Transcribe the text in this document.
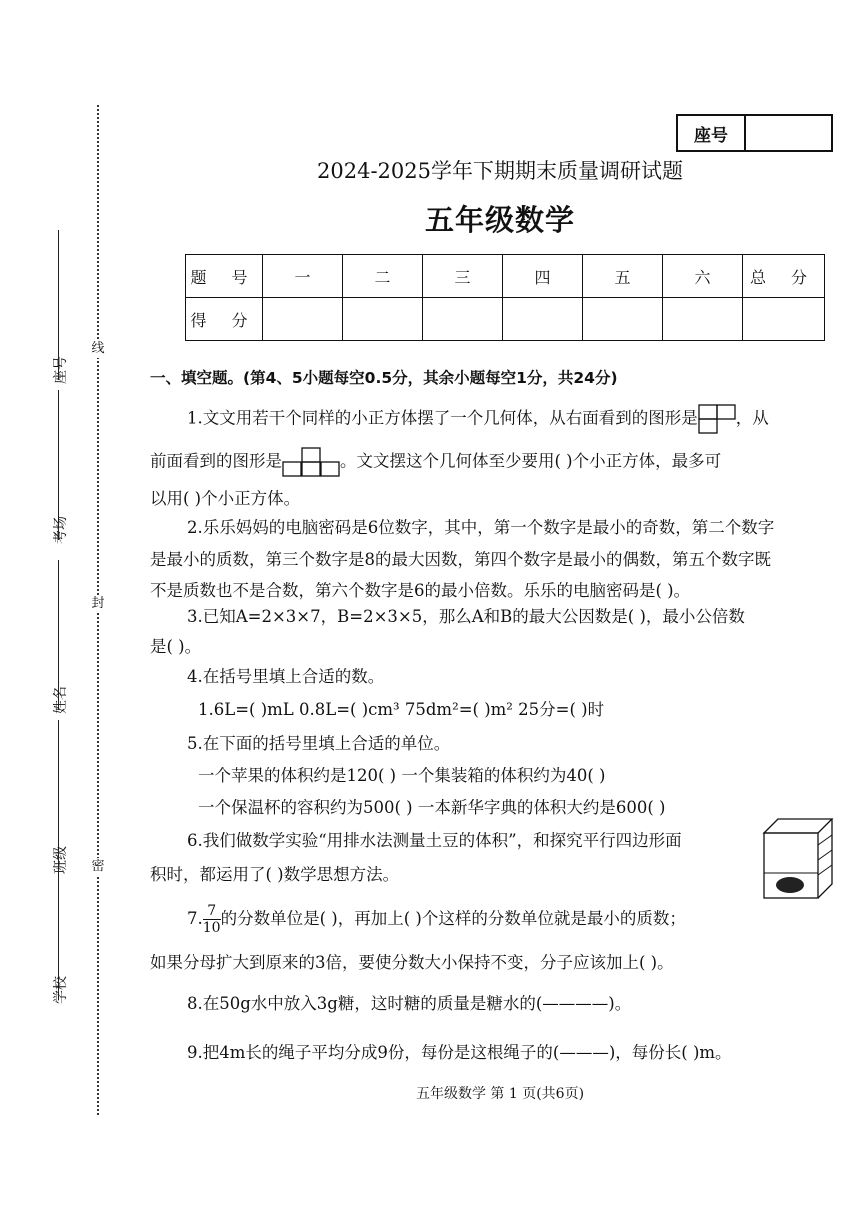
线
封
密
座号
考场
姓名
班级
学校
座号
2024-2025学年下期期末质量调研试题
五年级数学
题 号	一	二	三	四	五	六	总 分
得 分							
一、填空题。(第4、5小题每空0.5分，其余小题每空1分，共24分)
1.文文用若干个同样的小正方体摆了一个几何体，从右面看到的图形是 ，从
前面看到的图形是	。文文摆这个几何体至少要用( )个小正方体，最多可
以用( )个小正方体。
2.乐乐妈妈的电脑密码是6位数字，其中，第一个数字是最小的奇数，第二个数字
是最小的质数，第三个数字是8的最大因数，第四个数字是最小的偶数，第五个数字既
不是质数也不是合数，第六个数字是6的最小倍数。乐乐的电脑密码是( )。
3.已知A=2×3×7，B=2×3×5，那么A和B的最大公因数是( )，最小公倍数
是( )。
4.在括号里填上合适的数。
1.6L=( )mL 0.8L=( )cm³ 75dm²=( )m² 25分=( )时
5.在下面的括号里填上合适的单位。
一个苹果的体积约是120( ) 一个集装箱的体积约为40( )
一个保温杯的容积约为500( ) 一本新华字典的体积大约是600( )
6.我们做数学实验“用排水法测量土豆的体积”，和探究平行四边形面
积时，都运用了( )数学思想方法。
7. $\frac{7}{10}$ 的分数单位是( )，再加上( )个这样的分数单位就是最小的质数；
如果分母扩大到原来的3倍，要使分数大小保持不变，分子应该加上( )。
8.在50g水中放入3g糖，这时糖的质量是糖水的(————)。
9.把4m长的绳子平均分成9份，每份是这根绳子的(———)，每份长( )m。
五年级数学 第 1 页(共6页)
